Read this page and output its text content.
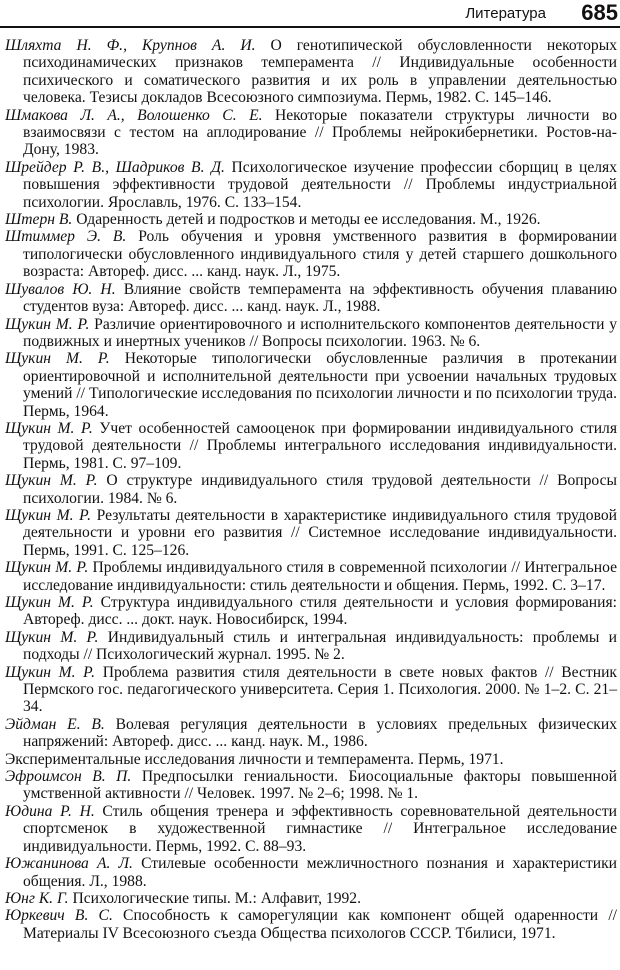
Литература 685

Шляхта Н. Ф., Крупнов А. И. О генотипической обусловленности некоторых психодинамических признаков темперамента // Индивидуальные особенности психического и соматического развития и их роль в управлении деятельностью человека. Тезисы докладов Всесоюзного симпозиума. Пермь, 1982. С. 145–146.

Шмакова Л. А., Волошенко С. Е. Некоторые показатели структуры личности во взаимосвязи с тестом на аплодирование // Проблемы нейрокибернетики. Ростов-на-Дону, 1983.

Шрейдер Р. В., Шадриков В. Д. Психологическое изучение профессии сборщиц в целях повышения эффективности трудовой деятельности // Проблемы индустриальной психологии. Ярославль, 1976. С. 133–154.

Штерн В. Одаренность детей и подростков и методы ее исследования. М., 1926.

Штиммер Э. В. Роль обучения и уровня умственного развития в формировании типологически обусловленного индивидуального стиля у детей старшего дошкольного возраста: Автореф. дисс. ... канд. наук. Л., 1975.

Шувалов Ю. Н. Влияние свойств темперамента на эффективность обучения плаванию студентов вуза: Автореф. дисс. ... канд. наук. Л., 1988.

Щукин М. Р. Различие ориентировочного и исполнительского компонентов деятельности у подвижных и инертных учеников // Вопросы психологии. 1963. № 6.

Щукин М. Р. Некоторые типологически обусловленные различия в протекании ориентировочной и исполнительной деятельности при усвоении начальных трудовых умений // Типологические исследования по психологии личности и по психологии труда. Пермь, 1964.

Щукин М. Р. Учет особенностей самооценок при формировании индивидуального стиля трудовой деятельности // Проблемы интегрального исследования индивидуальности. Пермь, 1981. С. 97–109.

Щукин М. Р. О структуре индивидуального стиля трудовой деятельности // Вопросы психологии. 1984. № 6.

Щукин М. Р. Результаты деятельности в характеристике индивидуального стиля трудовой деятельности и уровни его развития // Системное исследование индивидуальности. Пермь, 1991. С. 125–126.

Щукин М. Р. Проблемы индивидуального стиля в современной психологии // Интегральное исследование индивидуальности: стиль деятельности и общения. Пермь, 1992. С. 3–17.

Щукин М. Р. Структура индивидуального стиля деятельности и условия формирования: Автореф. дисс. ... докт. наук. Новосибирск, 1994.

Щукин М. Р. Индивидуальный стиль и интегральная индивидуальность: проблемы и подходы // Психологический журнал. 1995. № 2.

Щукин М. Р. Проблема развития стиля деятельности в свете новых фактов // Вестник Пермского гос. педагогического университета. Серия 1. Психология. 2000. № 1–2. С. 21–34.

Эйдман Е. В. Волевая регуляция деятельности в условиях предельных физических напряжений: Автореф. дисс. ... канд. наук. М., 1986.

Экспериментальные исследования личности и темперамента. Пермь, 1971.

Эфроимсон В. П. Предпосылки гениальности. Биосоциальные факторы повышенной умственной активности // Человек. 1997. № 2–6; 1998. № 1.

Юдина Р. Н. Стиль общения тренера и эффективность соревновательной деятельности спортсменок в художественной гимнастике // Интегральное исследование индивидуальности. Пермь, 1992. С. 88–93.

Южанинова А. Л. Стилевые особенности межличностного познания и характеристики общения. Л., 1988.

Юнг К. Г. Психологические типы. М.: Алфавит, 1992.

Юркевич В. С. Способность к саморегуляции как компонент общей одаренности // Материалы IV Всесоюзного съезда Общества психологов СССР. Тбилиси, 1971.
